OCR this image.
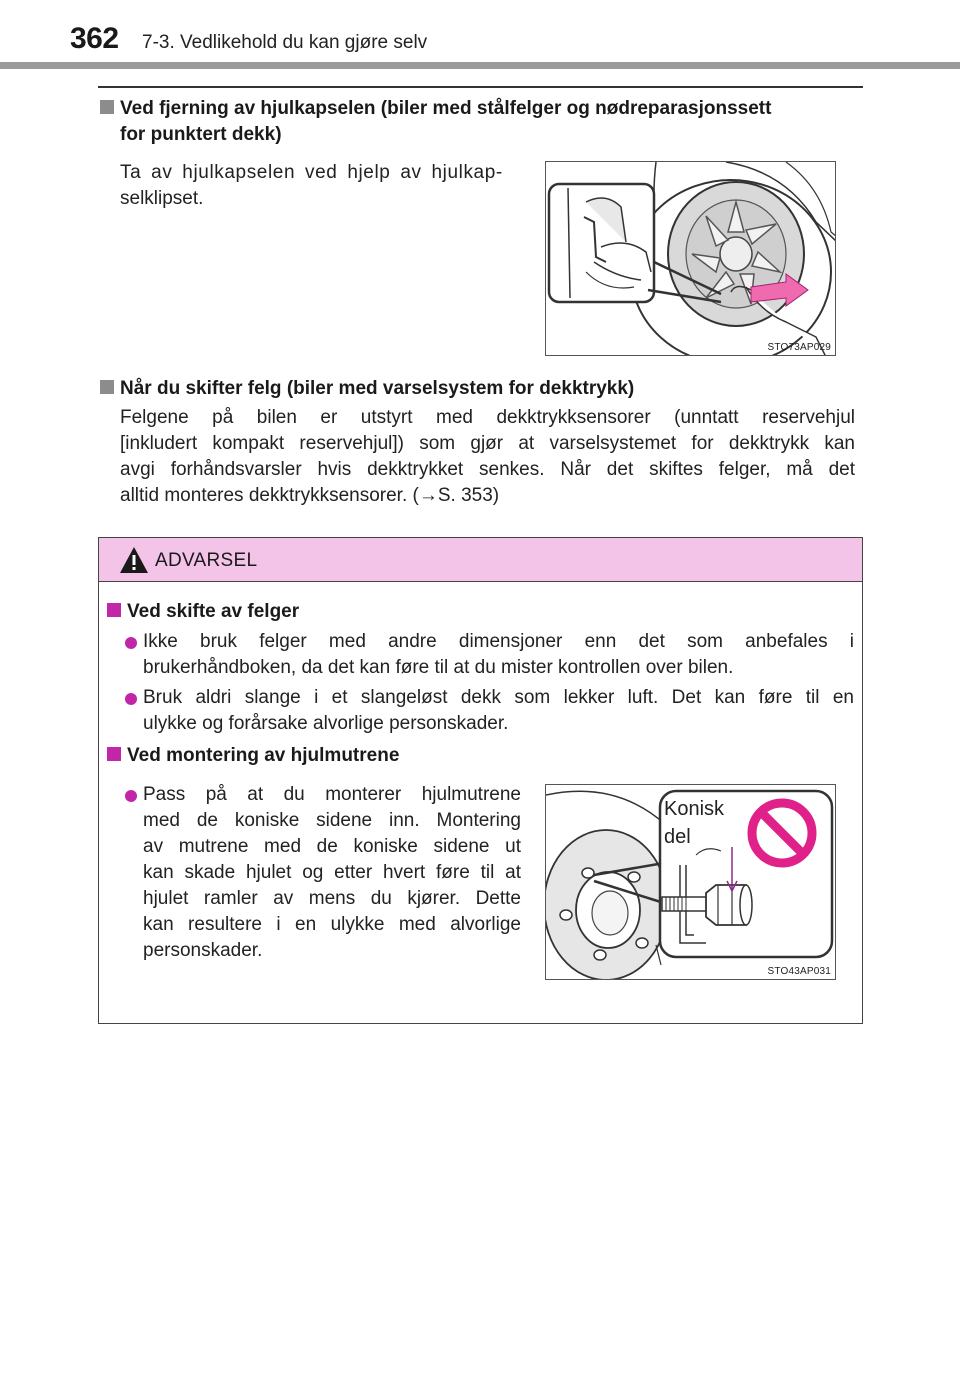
362 7-3. Vedlikehold du kan gjøre selv
Ved fjerning av hjulkapselen (biler med stålfelger og nødreparasjonssett
for punktert dekk)
Ta av hjulkapselen ved hjelp av hjulkap-
selklipset.
STO73AP029
Når du skifter felg (biler med varselsystem for dekktrykk)
Felgene på bilen er utstyrt med dekktrykksensorer (unntatt reservehjul
[inkludert kompakt reservehjul]) som gjør at varselsystemet for dekktrykk kan
avgi forhåndsvarsler hvis dekktrykket senkes. Når det skiftes felger, må det
alltid monteres dekktrykksensorer. (→S. 353)
ADVARSEL
Ved skifte av felger
Ikke bruk felger med andre dimensjoner enn det som anbefales i
brukerhåndboken, da det kan føre til at du mister kontrollen over bilen.
Bruk aldri slange i et slangeløst dekk som lekker luft. Det kan føre til en
ulykke og forårsake alvorlige personskader.
Ved montering av hjulmutrene
Pass på at du monterer hjulmutrene
med de koniske sidene inn. Montering
av mutrene med de koniske sidene ut
kan skade hjulet og etter hvert føre til at
hjulet ramler av mens du kjører. Dette
kan resultere i en ulykke med alvorlige
personskader.
Konisk
del
STO43AP031
